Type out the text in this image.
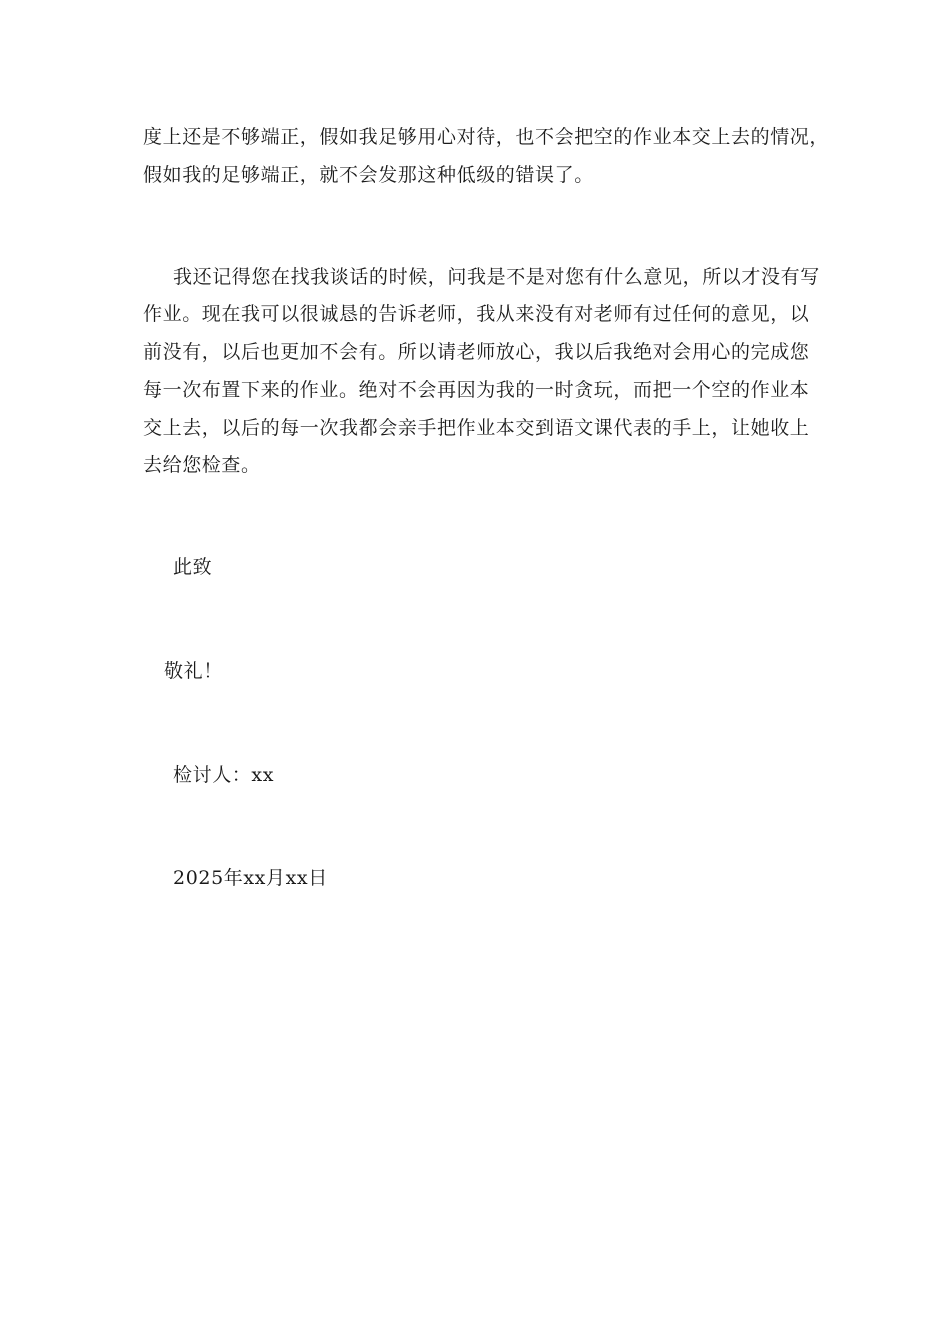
度上还是不够端正，假如我足够用心对待，也不会把空的作业本交上去的情况，
假如我的足够端正，就不会发那这种低级的错误了。
我还记得您在找我谈话的时候，问我是不是对您有什么意见，所以才没有写
作业。现在我可以很诚恳的告诉老师，我从来没有对老师有过任何的意见，以
前没有，以后也更加不会有。所以请老师放心，我以后我绝对会用心的完成您
每一次布置下来的作业。绝对不会再因为我的一时贪玩，而把一个空的作业本
交上去，以后的每一次我都会亲手把作业本交到语文课代表的手上，让她收上
去给您检查。
此致
敬礼！
检讨人：xx
2025年xx月xx日
